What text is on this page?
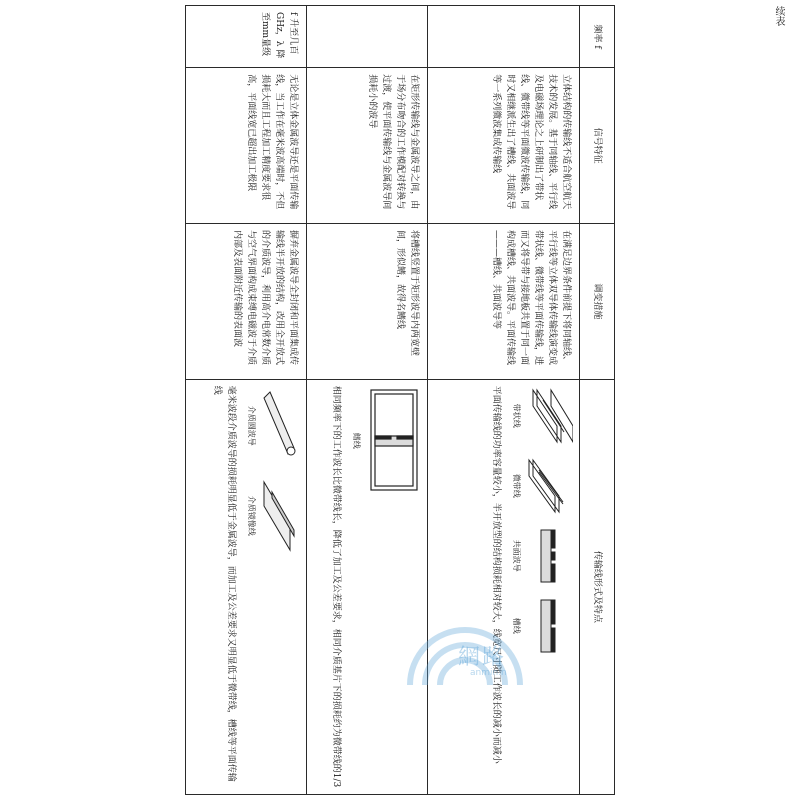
续表
频率 f	信号特征	调变措施	传输线形式及特点
	立体结构的传输线不适合航空航天技术的发展。基于同轴线、平行线及电磁场理论之上研制出了带状线、微带线等平面微波传输线，同时又相继派生出了槽线、共面波导等一系列微波集成传输线	在满足边界条件前提下将同轴线、平行线等立体双导体传输线演变成带状线、微带线等平面传输线，进而又将导带与接地板共置于同一面构成槽线、共面波导。平面传输线———槽线、共面波导等	带状线
微带线
共面波导
槽线
平面传输线的功率容量较小，半开放型的结构损耗相对较大，线宽尺寸随工作波长的减小而减小

	在矩形传输线与金属波导之间，由于场分布吻合的工作模配对转换与过渡，使平面传输线与金属波导间损耗小的波导	将槽线竖置于矩形波导内两宽壁间，形似鳍，故得名鳍线	鳍线
相同频率下的工作波长比微带线长，降低了加工及公差要求，相同介质基片下的损耗约为微带线的1/3

f 升至几百GHz，λ 降至mm量级	无论是立体金属波导还是平面传输线，当工作在毫米波高端时，不但损耗大而且工程加工精度要求很高，平面线宽已超出加工极限	摒弃金属波导全封闭和平面集成传输线半开放的结构，改用全开放式的介质波导，利用高介电常数介质与空气界面构成束缚电磁波于介质内部及表面附近传输的表面波	介质圆波导
介质镜像线
毫米波段介质波导的损耗明显低于金属波导，而加工及公差要求又明显低于微带线，槽线等平面传输线
網路
anmin.n
